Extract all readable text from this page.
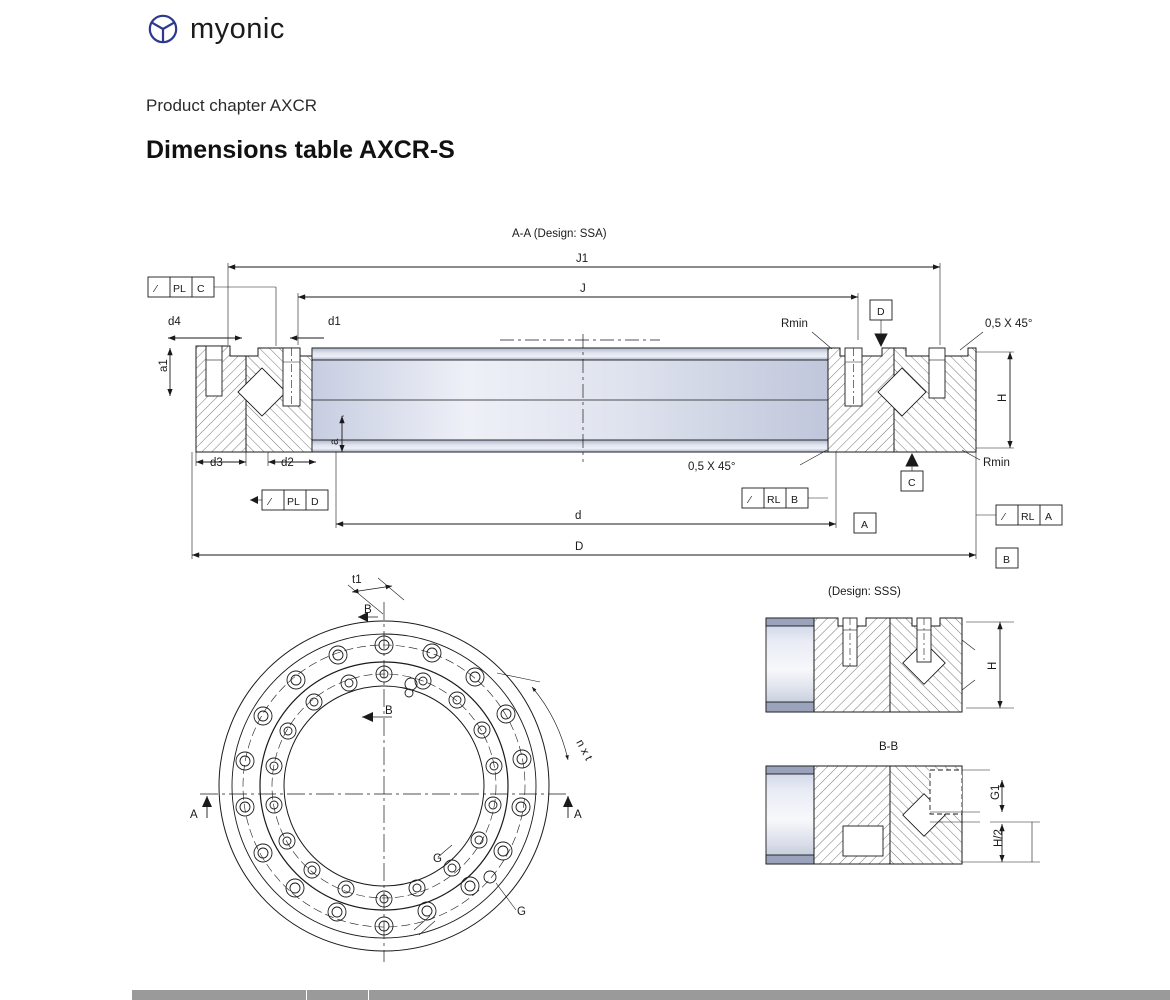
myonic
Product chapter AXCR
Dimensions table AXCR-S
A-A (Design: SSA)
J1
J
⁄ PL C
d4	d1
a1
d3	d2
a
⁄ PL D	⁄ RL B
⁄ RL A
D
C
A
B
H
0,5 X 45°
Rmin
Rmin
0,5 X 45°
d
D
t1
n x t
B
B
A	A
G
G
(Design: SSS)
H
B-B
G1
H/2
